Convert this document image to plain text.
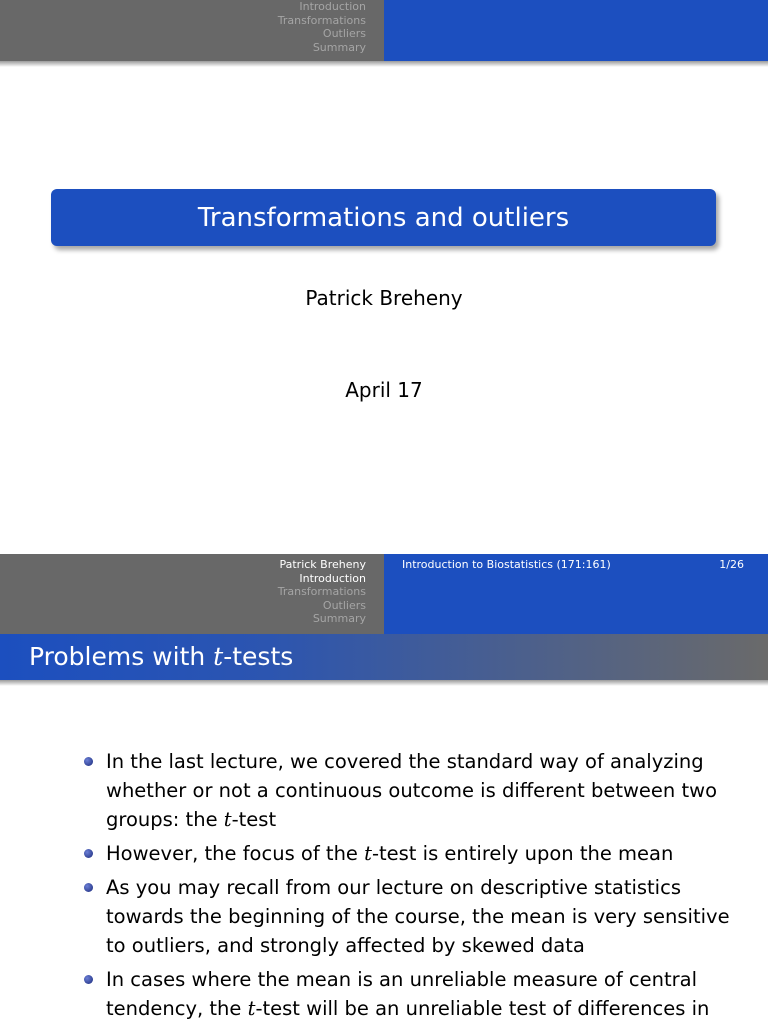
Introduction
Transformations
Outliers
Summary
Transformations and outliers
Patrick Breheny
April 17
Patrick Breheny
Introduction
Transformations
Outliers
Summary
Introduction to Biostatistics (171:161)	1/26
Problems with t-tests
In the last lecture, we covered the standard way of analyzing whether or not a continuous outcome is different between two groups: the t-test
However, the focus of the t-test is entirely upon the mean
As you may recall from our lecture on descriptive statistics towards the beginning of the course, the mean is very sensitive to outliers, and strongly affected by skewed data
In cases where the mean is an unreliable measure of central tendency, the t-test will be an unreliable test of differences in
